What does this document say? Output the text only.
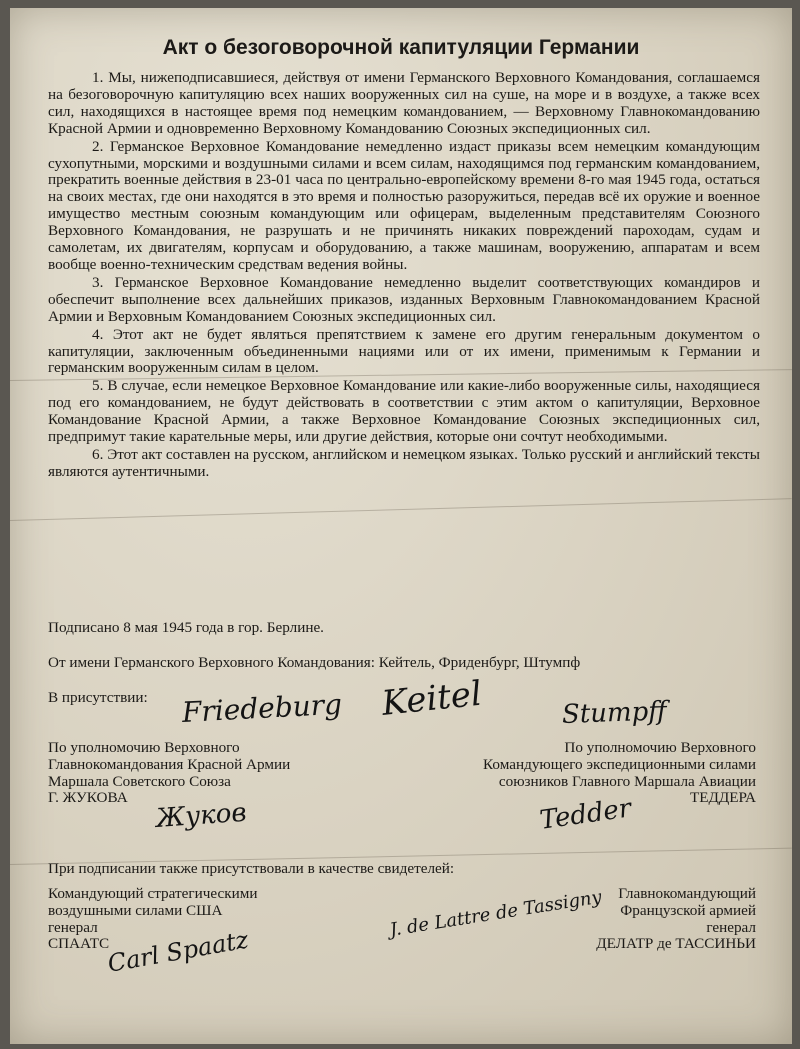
Акт о безоговорочной капитуляции Германии

1. Мы, нижеподписавшиеся, действуя от имени Германского Верховного Командования, соглашаемся на безоговорочную капитуляцию всех наших вооруженных сил на суше, на море и в воздухе, а также всех сил, находящихся в настоящее время под немецким командованием, — Верховному Главнокомандованию Красной Армии и одновременно Верховному Командованию Союзных экспедиционных сил.

2. Германское Верховное Командование немедленно издаст приказы всем немецким командующим сухопутными, морскими и воздушными силами и всем силам, находящимся под германским командованием, прекратить военные действия в 23-01 часа по центрально-европейскому времени 8-го мая 1945 года, остаться на своих местах, где они находятся в это время и полностью разоружиться, передав всё их оружие и военное имущество местным союзным командующим или офицерам, выделенным представителям Союзного Верховного Командования, не разрушать и не причинять никаких повреждений пароходам, судам и самолетам, их двигателям, корпусам и оборудованию, а также машинам, вооружению, аппаратам и всем вообще военно-техническим средствам ведения войны.

3. Германское Верховное Командование немедленно выделит соответствующих командиров и обеспечит выполнение всех дальнейших приказов, изданных Верховным Главнокомандованием Красной Армии и Верховным Командованием Союзных экспедиционных сил.

4. Этот акт не будет являться препятствием к замене его другим генеральным документом о капитуляции, заключенным объединенными нациями или от их имени, применимым к Германии и германским вооруженным силам в целом.

5. В случае, если немецкое Верховное Командование или какие-либо вооруженные силы, находящиеся под его командованием, не будут действовать в соответствии с этим актом о капитуляции, Верховное Командование Красной Армии, а также Верховное Командование Союзных экспедиционных сил, предпримут такие карательные меры, или другие действия, которые они сочтут необходимыми.

6. Этот акт составлен на русском, английском и немецком языках. Только русский и английский тексты являются аутентичными.

Подписано 8 мая 1945 года в гор. Берлине.
От имени Германского Верховного Командования: Кейтель, Фриденбург, Штумпф
В присутствии: Friedeburg Keitel	Stumpff
По уполномочию Верховного
Главнокомандования Красной Армии
Маршала Советского Союза
Г. ЖУКОВА
По уполномочию Верховного
Командующего экспедиционными силами
союзников Главного Маршала Авиации
ТЕДДЕРА
Жуков	Tedder
При подписании также присутствовали в качестве свидетелей:
Командующий стратегическими
воздушными силами США
генерал
СПААТС
Главнокомандующий
Французской армией
генерал
ДЕЛАТР де ТАССИНЬИ
Carl Spaatz
J. de Lattre de Tassigny
